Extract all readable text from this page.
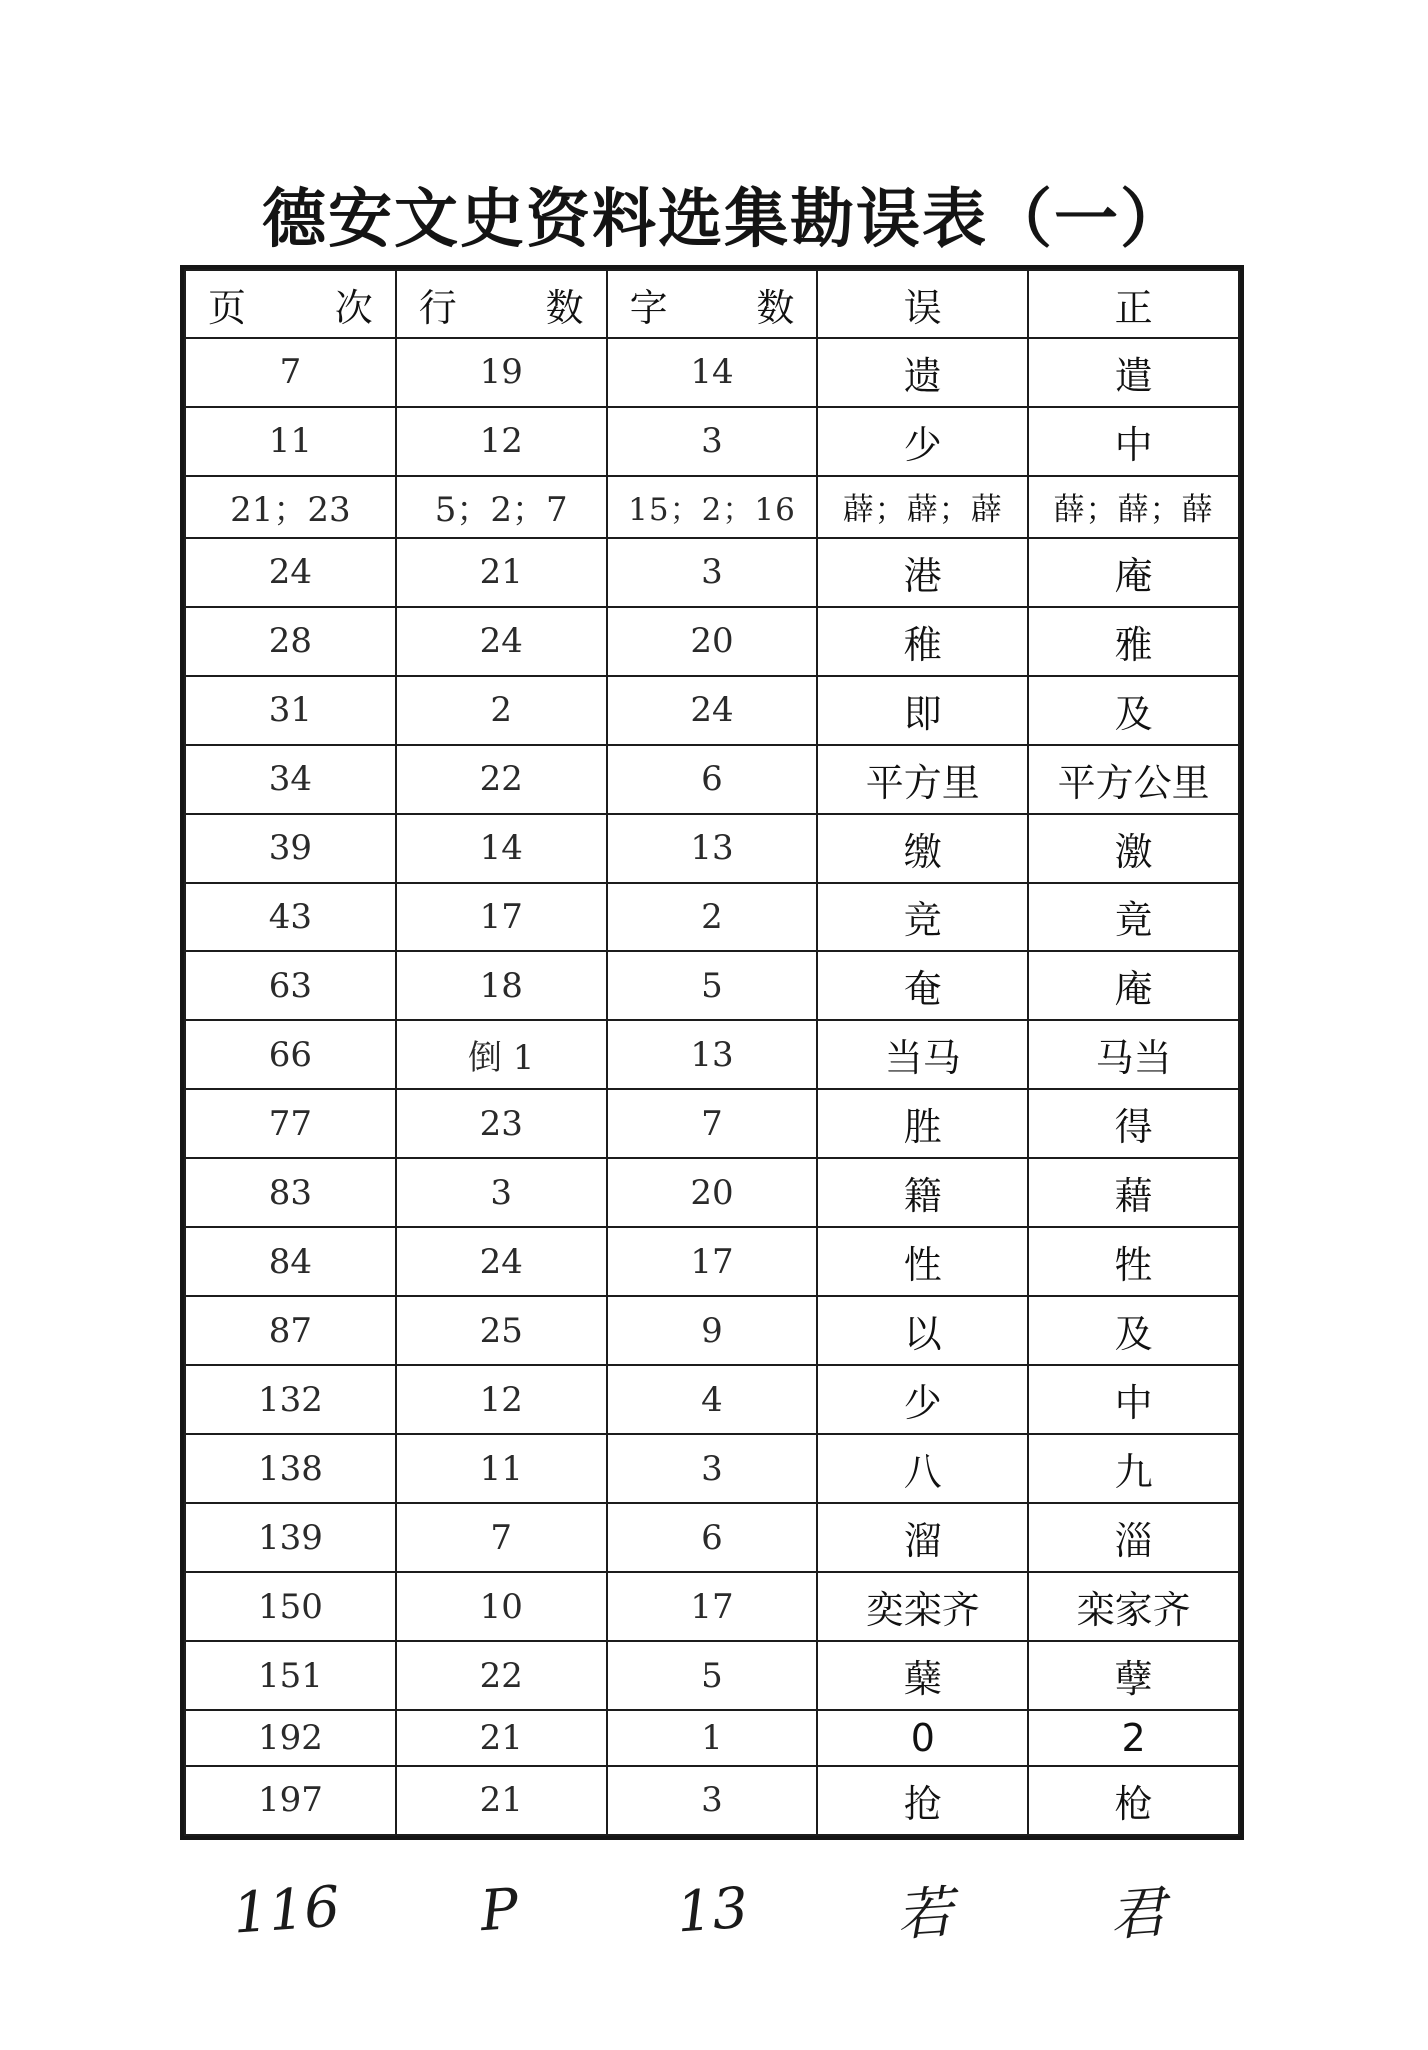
德安文史资料选集勘误表（一）
页　　次	行　　数	字　　数	误	正
7	19	14	遗	遣
11	12	3	少	中
21；23	5；2；7	15；2；16	薜；薜；薜	薛；薛；薛
24	21	3	港	庵
28	24	20	稚	雅
31	2	24	即	及
34	22	6	平方里	平方公里
39	14	13	缴	激
43	17	2	竞	竟
63	18	5	奄	庵
66	倒 1	13	当马	马当
77	23	7	胜	得
83	3	20	籍	藉
84	24	17	性	牲
87	25	9	以	及
132	12	4	少	中
138	11	3	八	九
139	7	6	溜	淄
150	10	17	奕栾齐	栾家齐
151	22	5	蘖	孽
192	21	1	0	2
197	21	3	抢	枪
116	P	13	若	君
